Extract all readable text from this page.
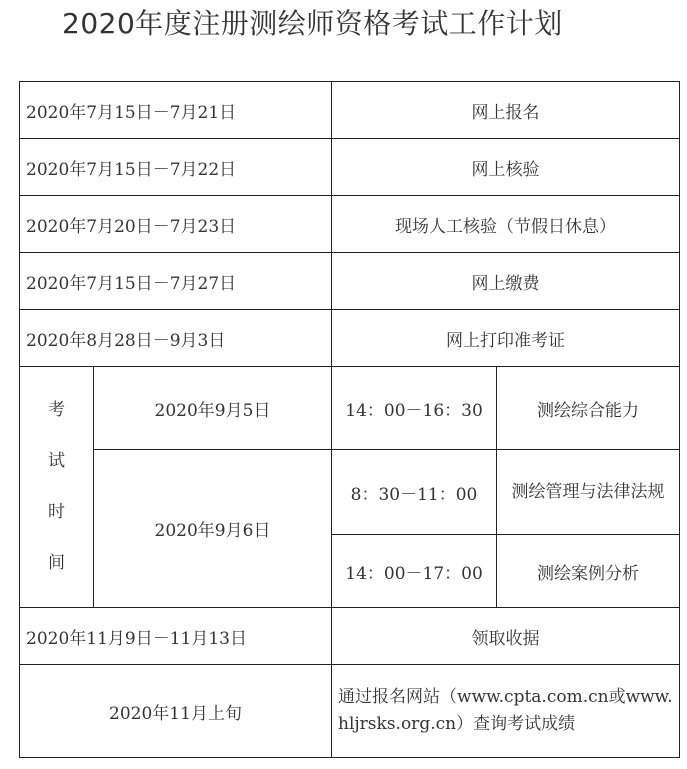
2020年度注册测绘师资格考试工作计划
2020年7月15日－7月21日		网上报名	
2020年7月15日－7月22日		网上核验	
2020年7月20日－7月23日		现场人工核验（节假日休息）	
2020年7月15日－7月27日		网上缴费	
2020年8月28日－9月3日		网上打印准考证	

考
试
时
间	2020年9月5日	14：00－16：30	测绘综合能力
	2020年9月6日	8：30－11：00	测绘管理与法律法规
		14：00－17：00	测绘案例分析
2020年11月9日－11月13日		领取收据	
2020年11月上旬		通过报名网站（www.cpta.com.cn或www.hljrsks.org.cn）查询考试成绩	
